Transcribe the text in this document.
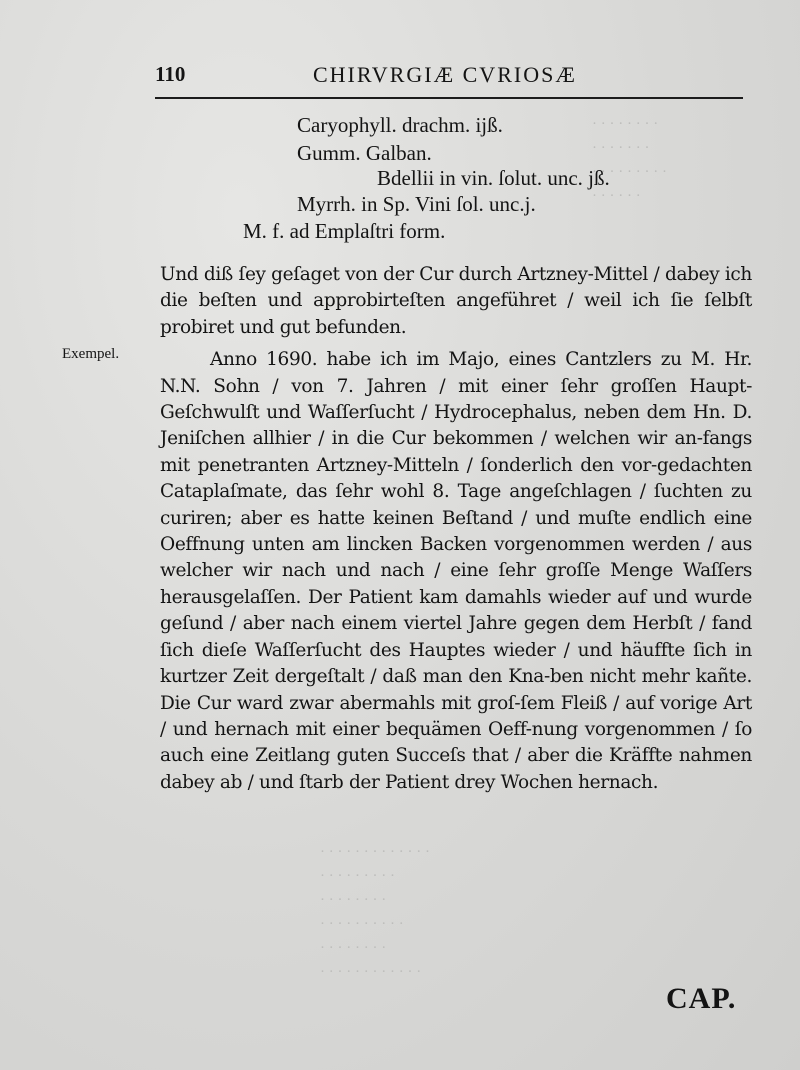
· · · · · · · ·
· · · · · · ·
· · · · · · · · ·
· · · · · ·
· · · · · · · · · · · · ·
· · · · · · · · ·
· · · · · · · ·
· · · · · · · · · ·
· · · · · · · ·
· · · · · · · · · · · ·
110	CHIRVRGIÆ CVRIOSÆ
Caryophyll. drachm. ijß.
Gumm. Galban.
Bdellii in vin. ſolut. unc. jß.
Myrrh. in Sp. Vini ſol. unc.j.
M. f. ad Emplaſtri form.
Exempel.

Und diß ſey geſaget von der Cur durch Artzney-Mittel / dabey ich die beſten und approbirteſten angeführet / weil ich ſie ſelbſt probiret und gut befunden.

Anno 1690. habe ich im Majo, eines Cantzlers zu M. Hr. N.N. Sohn / von 7. Jahren / mit einer ſehr groſſen Haupt-Geſchwulſt und Waſſerſucht / Hydrocephalus, neben dem Hn. D. Jeniſchen allhier / in die Cur bekommen / welchen wir an-fangs mit penetranten Artzney-Mitteln / ſonderlich den vor-gedachten Cataplaſmate, das ſehr wohl 8. Tage angeſchlagen / ſuchten zu curiren; aber es hatte keinen Beſtand / und muſte endlich eine Oeffnung unten am lincken Backen vorgenommen werden / aus welcher wir nach und nach / eine ſehr groſſe Menge Waſſers herausgelaſſen. Der Patient kam damahls wieder auf und wurde geſund / aber nach einem viertel Jahre gegen dem Herbſt / fand ſich dieſe Waſſerſucht des Hauptes wieder / und häuffte ſich in kurtzer Zeit dergeſtalt / daß man den Kna-ben nicht mehr kañte. Die Cur ward zwar abermahls mit groſ-ſem Fleiß / auf vorige Art / und hernach mit einer bequämen Oeff-nung vorgenommen / ſo auch eine Zeitlang guten Succeſs that / aber die Kräffte nahmen dabey ab / und ſtarb der Patient drey Wochen hernach.

CAP.
